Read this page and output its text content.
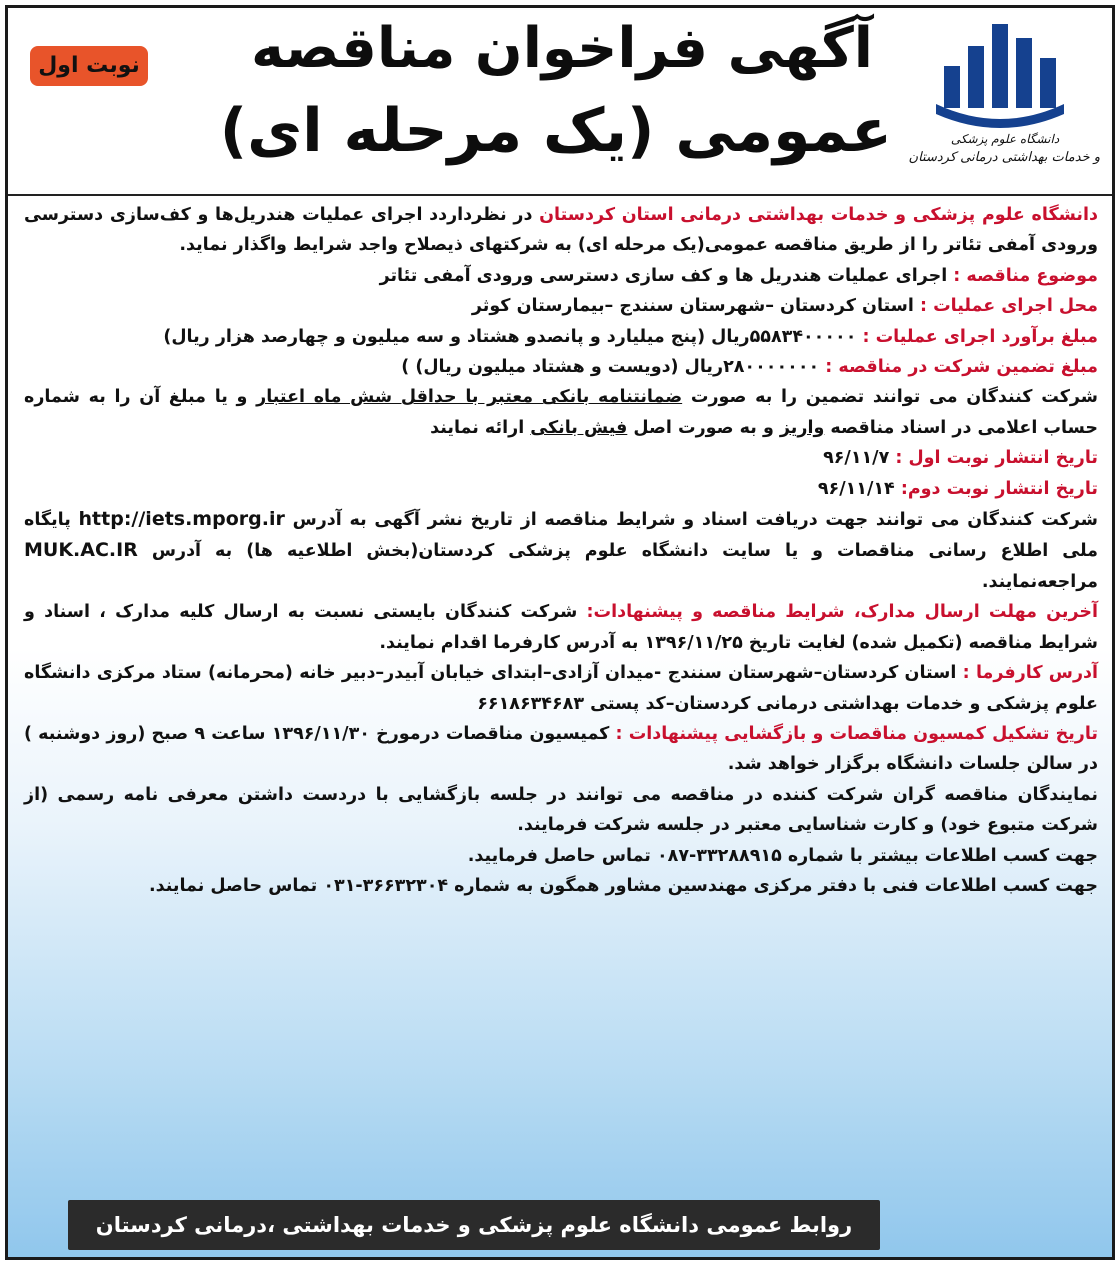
دانشگاه علوم پزشکی
و خدمات بهداشتی درمانی کردستان
آگهی فراخوان مناقصه
عمومی (یک مرحله ای)
نوبت اول

دانشگاه علوم پزشکی و خدمات بهداشتی درمانی استان کردستان در نظرداردد اجرای عملیات هندریل‌ها و کف‌سازی دسترسی ورودی آمفی تئاتر را از طریق مناقصه عمومی(یک مرحله ای) به شرکتهای ذیصلاح واجد شرایط واگذار نماید.

موضوع مناقصه : اجرای عملیات هندریل ها و کف سازی دسترسی ورودی آمفی تئاتر

محل اجرای عملیات : استان کردستان –شهرستان سنندج –بیمارستان کوثر

مبلغ برآورد اجرای عملیات : ۵۵۸۳۴۰۰۰۰۰ریال (پنج میلیارد و پانصدو هشتاد و سه میلیون و چهارصد هزار ریال)

مبلغ تضمین شرکت در مناقصه : ۲۸۰۰۰۰۰۰۰ریال (دویست و هشتاد میلیون ریال) )

شرکت کنندگان می توانند تضمین را به صورت ضمانتنامه بانکی معتبر با حداقل شش ماه اعتبار و یا مبلغ آن را به شماره حساب اعلامی در اسناد مناقصه واریز و به صورت اصل فیش بانکی ارائه نمایند

تاریخ انتشار نوبت اول : ۹۶/۱۱/۷

تاریخ انتشار نوبت دوم: ۹۶/۱۱/۱۴

شرکت کنندگان می توانند جهت دریافت اسناد و شرایط مناقصه از تاریخ نشر آگهی به آدرس http://iets.mporg.ir پایگاه ملی اطلاع رسانی مناقصات و یا سایت دانشگاه علوم پزشکی کردستان(بخش اطلاعیه ها) به آدرس MUK.AC.IR مراجعه‌نمایند.

آخرین مهلت ارسال مدارک، شرایط مناقصه و پیشنهادات: شرکت کنندگان بایستی نسبت به ارسال کلیه مدارک ، اسناد و شرایط مناقصه (تکمیل شده) لغایت تاریخ ۱۳۹۶/۱۱/۲۵ به آدرس کارفرما اقدام نمایند.

آدرس کارفرما : استان کردستان–شهرستان سنندج -میدان آزادی–ابتدای خیابان آبیدر–دبیر خانه (محرمانه) ستاد مرکزی دانشگاه علوم پزشکی و خدمات بهداشتی درمانی کردستان–کد پستی ۶۶۱۸۶۳۴۶۸۳

تاریخ تشکیل کمسیون مناقصات و بازگشایی پیشنهادات : کمیسیون مناقصات درمورخ ۱۳۹۶/۱۱/۳۰ ساعت ۹ صبح (روز دوشنبه ) در سالن جلسات دانشگاه برگزار خواهد شد.

نمایندگان مناقصه گران شرکت کننده در مناقصه می توانند در جلسه بازگشایی با دردست داشتن معرفی نامه رسمی (از شرکت متبوع خود) و کارت شناسایی معتبر در جلسه شرکت فرمایند.

جهت کسب اطلاعات بیشتر با شماره ۳۳۲۸۸۹۱۵-۰۸۷ تماس حاصل فرمایید.

جهت کسب اطلاعات فنی با دفتر مرکزی مهندسین مشاور همگون به شماره ۳۶۶۳۲۳۰۴-۰۳۱ تماس حاصل نمایند.

روابط عمومی دانشگاه علوم پزشکی و خدمات بهداشتی ،درمانی کردستان
